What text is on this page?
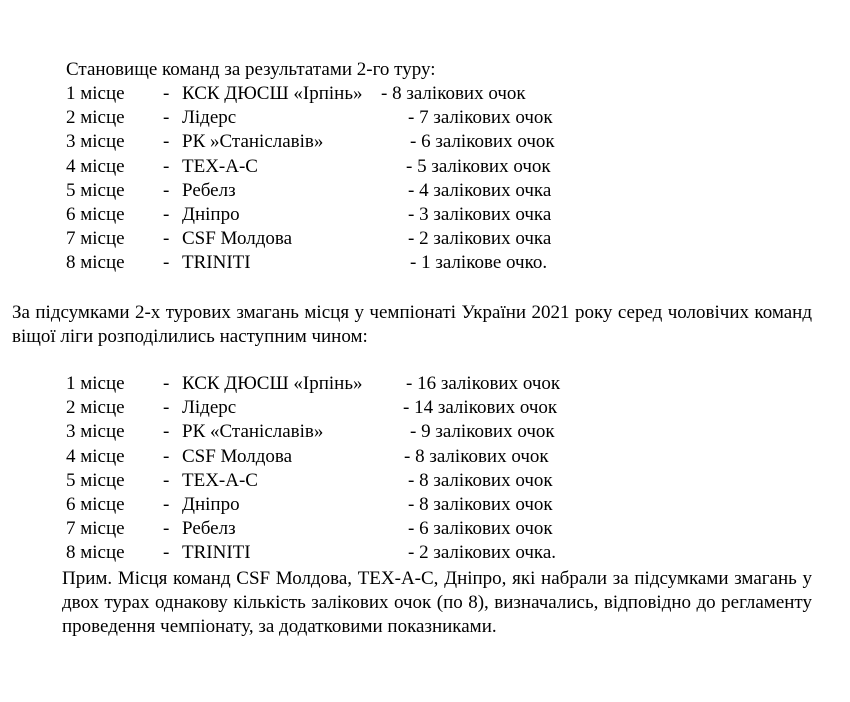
Становище команд за результатами 2-го туру:
1 місце - КСК ДЮСШ «Ірпінь» - 8 залікових очок
2 місце - Лідерс	- 7 залікових очок
3 місце - РК »Станіславів»	- 6 залікових очок
4 місце - ТЕХ-А-С	- 5 залікових очок
5 місце - Ребелз	- 4 залікових очка
6 місце - Дніпро	- 3 залікових очка
7 місце - CSF Молдова	- 2 залікових очка
8 місце - TRINITI	- 1 залікове очко.
За підсумками 2-х турових змагань місця у чемпіонаті України 2021 року серед чоловічих команд віщої ліги розподілились наступним чином:
1 місце - КСК ДЮСШ «Ірпінь» - 16 залікових очок
2 місце - Лідерс	- 14 залікових очок
3 місце - РК «Станіславів»	- 9 залікових очок
4 місце - CSF Молдова	- 8 залікових очок
5 місце - ТЕХ-А-С	- 8 залікових очок
6 місце - Дніпро	- 8 залікових очок
7 місце - Ребелз	- 6 залікових очок
8 місце - TRINITI	- 2 залікових очка.
Прим. Місця команд CSF Молдова, ТЕХ-А-С, Дніпро, які набрали за підсумками змагань у двох турах однакову кількість залікових очок (по 8), визначались, відповідно до регламенту проведення чемпіонату, за додатковими показниками.
